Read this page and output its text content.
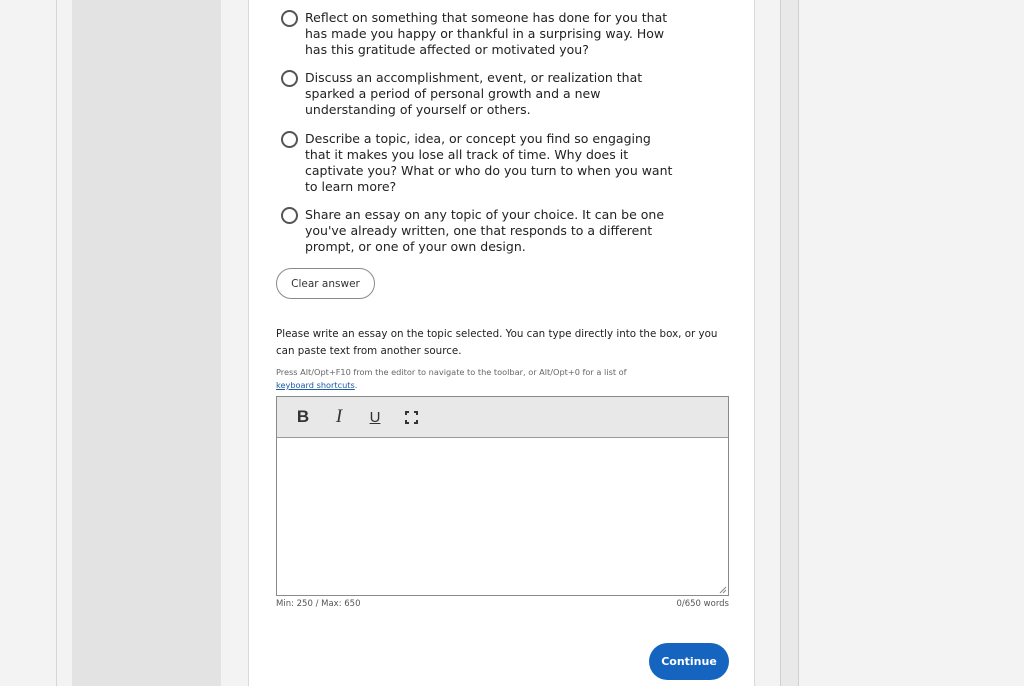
Reflect on something that someone has done for you that has made you happy or thankful in a surprising way. How has this gratitude affected or motivated you?
Discuss an accomplishment, event, or realization that sparked a period of personal growth and a new understanding of yourself or others.
Describe a topic, idea, or concept you find so engaging that it makes you lose all track of time. Why does it captivate you? What or who do you turn to when you want to learn more?
Share an essay on any topic of your choice. It can be one you've already written, one that responds to a different prompt, or one of your own design.
Clear answer
Please write an essay on the topic selected. You can type directly into the box, or you can paste text from another source.
Press Alt/Opt+F10 from the editor to navigate to the toolbar, or Alt/Opt+0 for a list of
keyboard shortcuts.
B	I	U
Min: 250 / Max: 650	0/650 words
Continue
